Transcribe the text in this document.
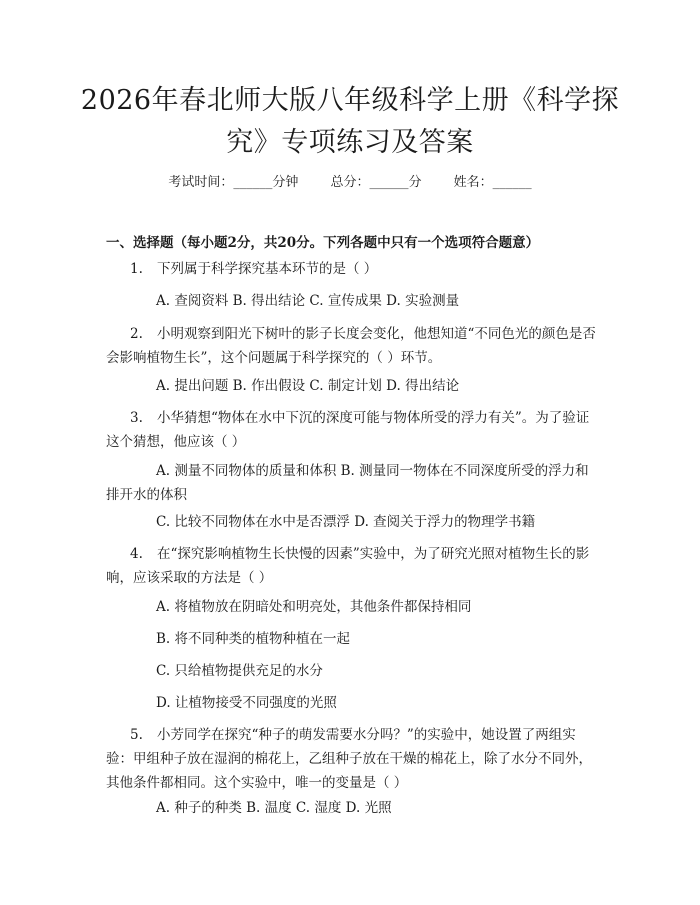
2026年春北师大版八年级科学上册《科学探究》专项练习及答案
考试时间：______分钟 总分：______分 姓名：______
一、选择题（每小题2分，共20分。下列各题中只有一个选项符合题意）
1. 下列属于科学探究基本环节的是（ ）
A. 查阅资料 B. 得出结论 C. 宣传成果 D. 实验测量
2. 小明观察到阳光下树叶的影子长度会变化，他想知道“不同色光的颜色是否会影响植物生长”，这个问题属于科学探究的（ ）环节。
A. 提出问题 B. 作出假设 C. 制定计划 D. 得出结论
3. 小华猜想“物体在水中下沉的深度可能与物体所受的浮力有关”。为了验证这个猜想，他应该（ ）
A. 测量不同物体的质量和体积 B. 测量同一物体在不同深度所受的浮力和排开水的体积
C. 比较不同物体在水中是否漂浮 D. 查阅关于浮力的物理学书籍
4. 在“探究影响植物生长快慢的因素”实验中，为了研究光照对植物生长的影响，应该采取的方法是（ ）
A. 将植物放在阴暗处和明亮处，其他条件都保持相同
B. 将不同种类的植物种植在一起
C. 只给植物提供充足的水分
D. 让植物接受不同强度的光照
5. 小芳同学在探究“种子的萌发需要水分吗？”的实验中，她设置了两组实验：甲组种子放在湿润的棉花上，乙组种子放在干燥的棉花上，除了水分不同外，其他条件都相同。这个实验中，唯一的变量是（ ）
A. 种子的种类 B. 温度 C. 湿度 D. 光照
